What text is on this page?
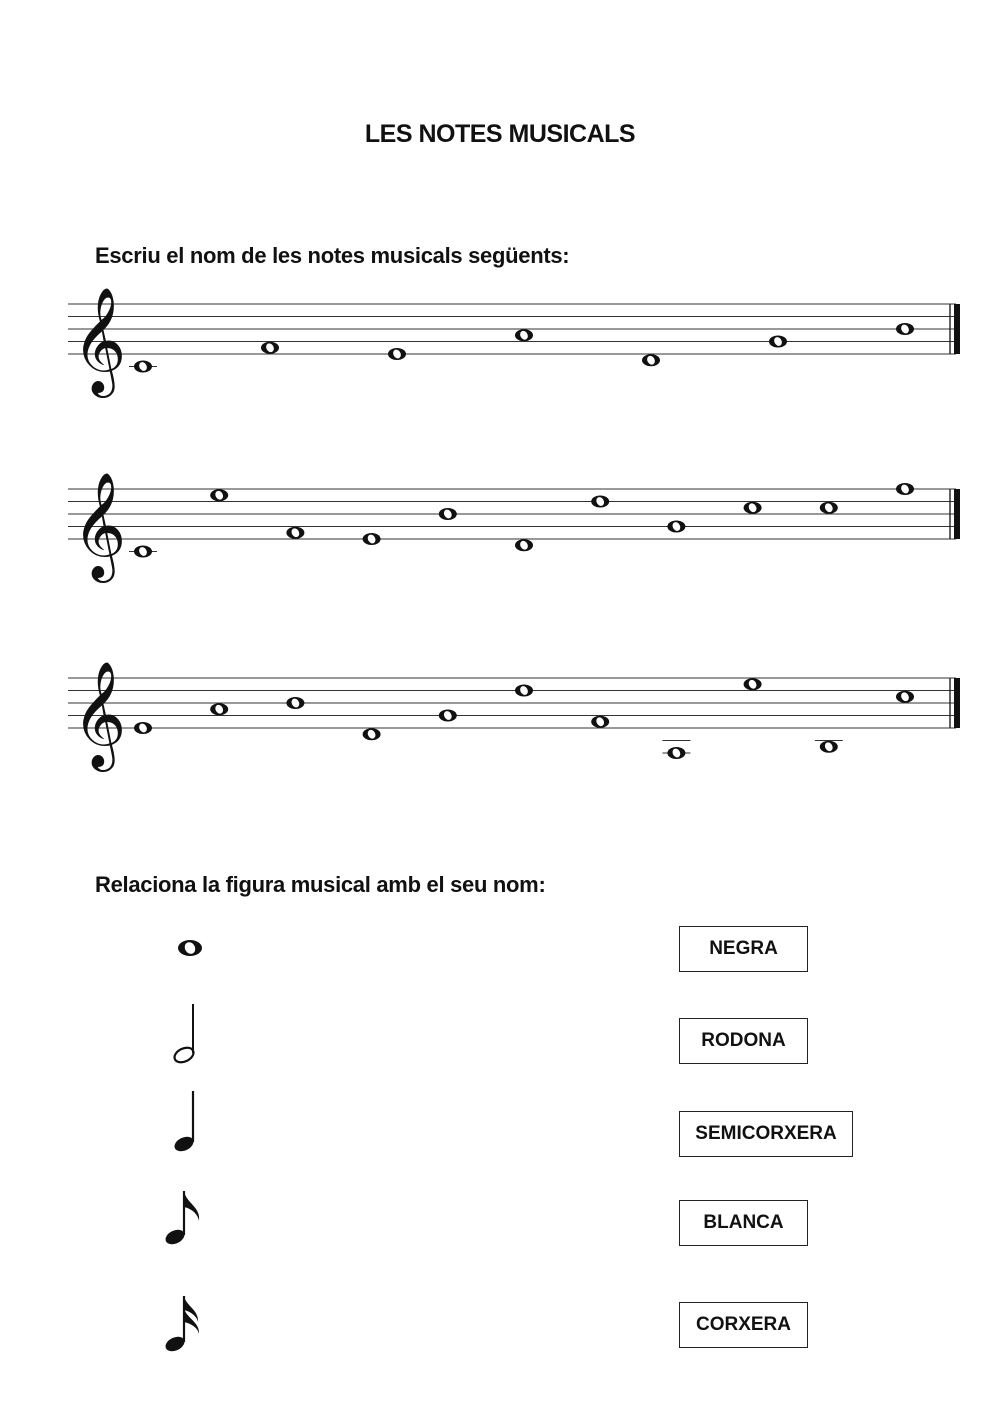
LES NOTES MUSICALS
Escriu el nom de les notes musicals següents:
𝄞
𝄞
𝄞
Relaciona la figura musical amb el seu nom:
NEGRA
RODONA
SEMICORXERA
BLANCA
CORXERA
